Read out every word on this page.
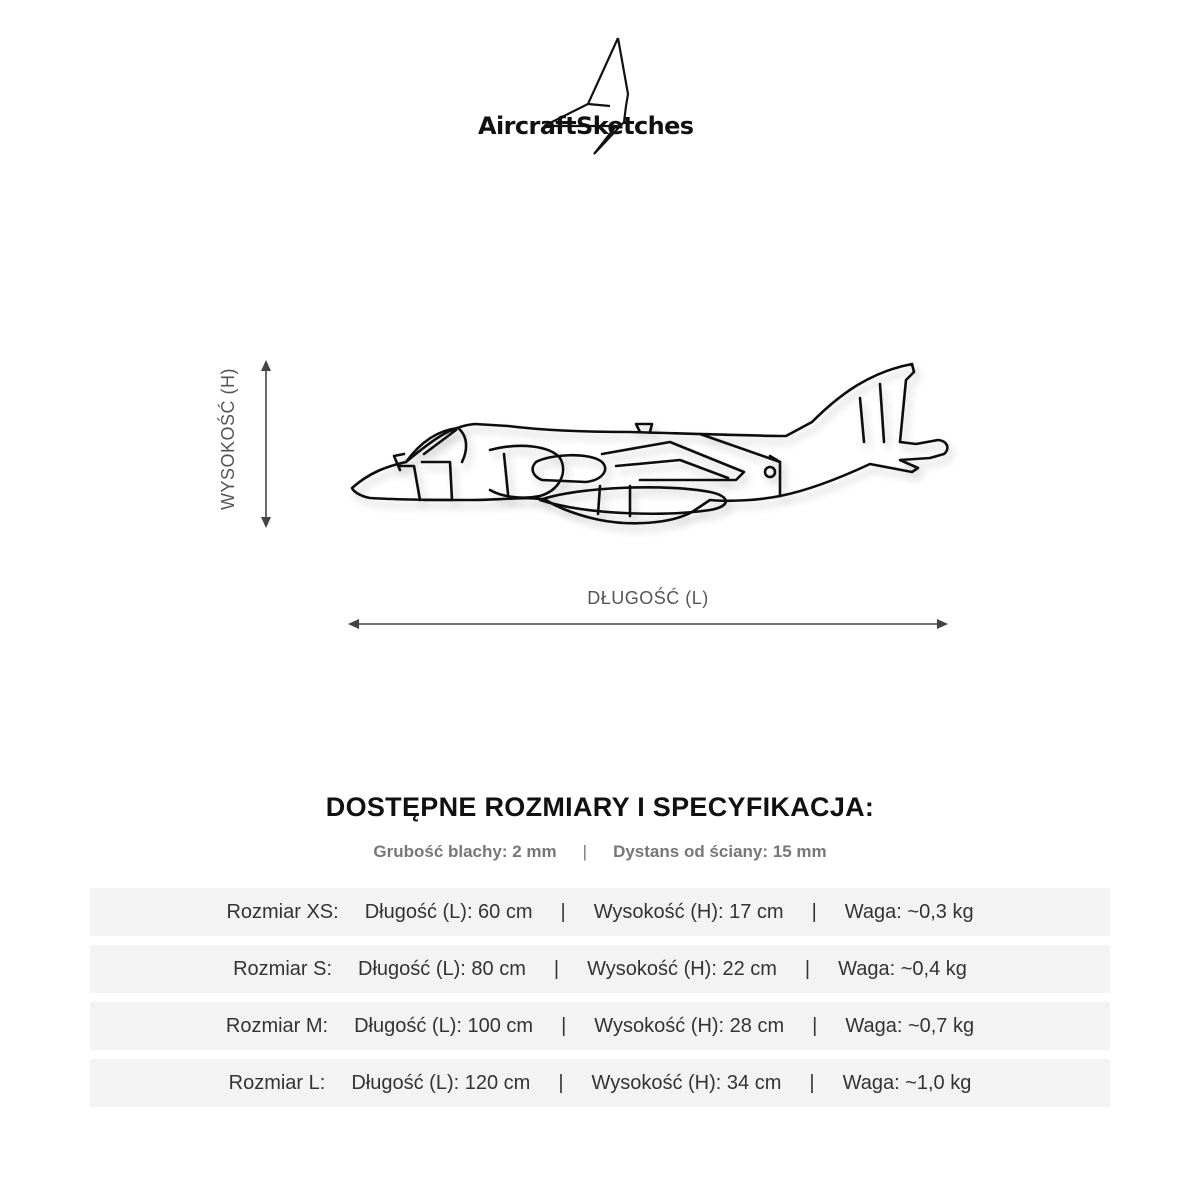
AircraftSketches
WYSOKOŚĆ (H)
DŁUGOŚĆ (L)
DOSTĘPNE ROZMIARY I SPECYFIKACJA:
Grubość blachy: 2 mm | Dystans od ściany: 15 mm
Rozmiar XS: Długość (L): 60 cm | Wysokość (H): 17 cm | Waga: ~0,3 kg
Rozmiar S: Długość (L): 80 cm | Wysokość (H): 22 cm | Waga: ~0,4 kg
Rozmiar M: Długość (L): 100 cm | Wysokość (H): 28 cm | Waga: ~0,7 kg
Rozmiar L: Długość (L): 120 cm | Wysokość (H): 34 cm | Waga: ~1,0 kg
